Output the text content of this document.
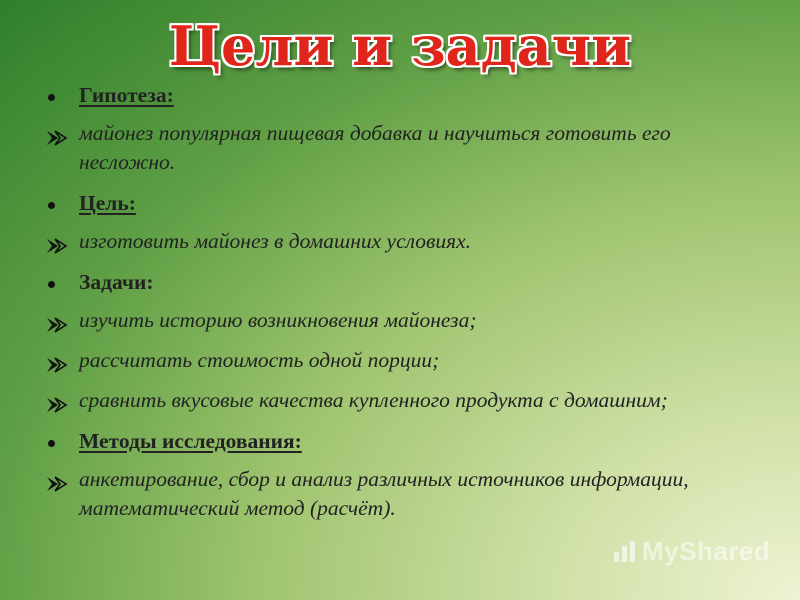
Цели и задачи
Гипотеза:
майонез популярная пищевая добавка и научиться готовить его несложно.
Цель:
изготовить майонез в домашних условиях.
Задачи:
изучить историю возникновения майонеза;
рассчитать стоимость одной порции;
сравнить вкусовые качества купленного продукта с домашним;
Методы исследования:
анкетирование, сбор и анализ различных источников информации, математический метод (расчёт).
MyShared
